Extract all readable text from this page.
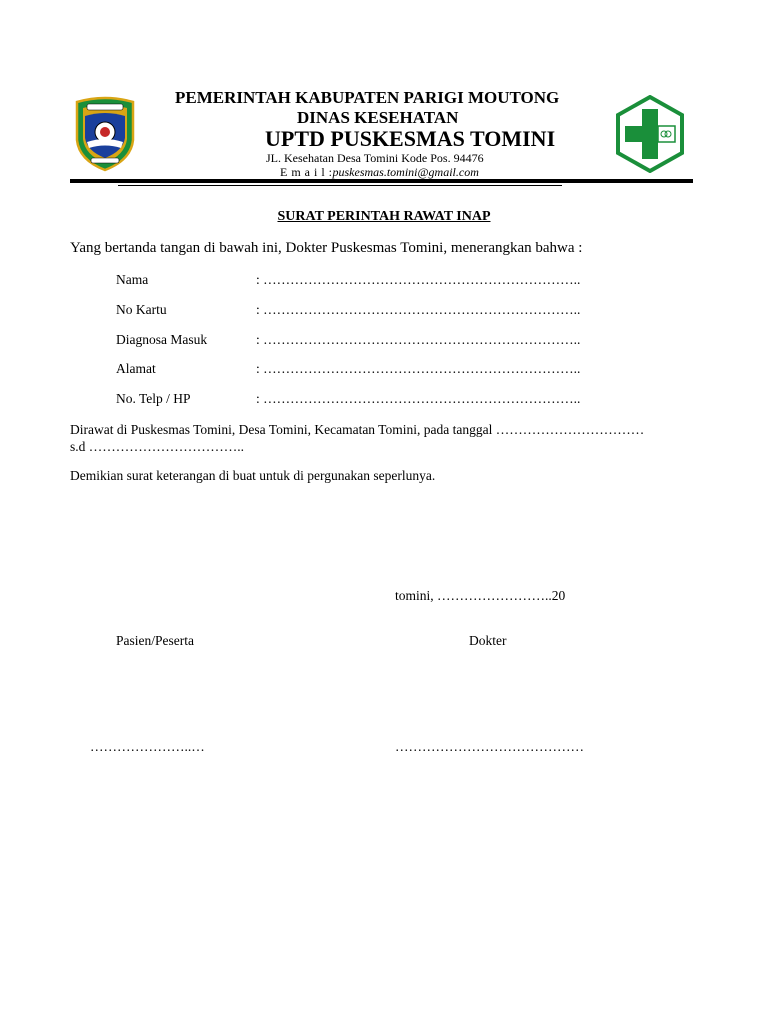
PEMERINTAH KABUPATEN PARIGI MOUTONG
DINAS KESEHATAN
UPTD PUSKESMAS TOMINI
JL. Kesehatan Desa Tomini Kode Pos. 94476
E m a i l :puskesmas.tomini@gmail.com
SURAT PERINTAH RAWAT INAP
Yang bertanda tangan di bawah ini, Dokter Puskesmas Tomini, menerangkan bahwa :
Nama	: ……………………………………………………………..
No Kartu	: ……………………………………………………………..
Diagnosa Masuk	: ……………………………………………………………..
Alamat	: ……………………………………………………………..
No. Telp / HP	: ……………………………………………………………..
Dirawat di Puskesmas Tomini, Desa Tomini, Kecamatan Tomini, pada tanggal ……………………………
s.d ……………………………..
Demikian surat keterangan di buat untuk di pergunakan seperlunya.
tomini, ……………………..20
Pasien/Peserta	Dokter
…………………..…	……………………………………
